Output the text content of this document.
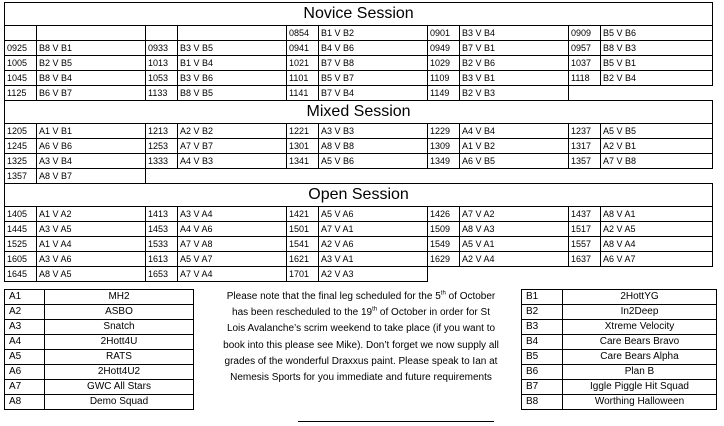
Novice Session									
				0854	B1 V B2	0901	B3 V B4	0909	B5 V B6
0925	B8 V B1	0933	B3 V B5	0941	B4 V B6	0949	B7 V B1	0957	B8 V B3
1005	B2 V B5	1013	B1 V B4	1021	B7 V B8	1029	B2 V B6	1037	B5 V B1
1045	B8 V B4	1053	B3 V B6	1101	B5 V B7	1109	B3 V B1	1118	B2 V B4
1125	B6 V B7	1133	B8 V B5	1141	B7 V B4	1149	B2 V B3		
Mixed Session									
1205	A1 V B1	1213	A2 V B2	1221	A3 V B3	1229	A4 V B4	1237	A5 V B5
1245	A6 V B6	1253	A7 V B7	1301	A8 V B8	1309	A1 V B2	1317	A2 V B1
1325	A3 V B4	1333	A4 V B3	1341	A5 V B6	1349	A6 V B5	1357	A7 V B8
1357	A8 V B7								
Open Session									
1405	A1 V A2	1413	A3 V A4	1421	A5 V A6	1426	A7 V A2	1437	A8 V A1
1445	A3 V A5	1453	A4 V A6	1501	A7 V A1	1509	A8 V A3	1517	A2 V A5
1525	A1 V A4	1533	A7 V A8	1541	A2 V A6	1549	A5 V A1	1557	A8 V A4
1605	A3 V A6	1613	A5 V A7	1621	A3 V A1	1629	A2 V A4	1637	A6 V A7
1645	A8 V A5	1653	A7 V A4	1701	A2 V A3				
A1	MH2
A2	ASBO
A3	Snatch
A4	2Hott4U
A5	RATS
A6	2Hott4U2
A7	GWC All Stars
A8	Demo Squad
Please note that the final leg scheduled for the 5th of October has been rescheduled to the 19th of October in order for St Lois Avalanche’s scrim weekend to take place (if you want to book into this please see Mike). Don’t forget we now supply all grades of the wonderful Draxxus paint. Please speak to Ian at Nemesis Sports for you immediate and future requirements
B1	2HottYG
B2	In2Deep
B3	Xtreme Velocity
B4	Care Bears Bravo
B5	Care Bears Alpha
B6	Plan B
B7	Iggle Piggle Hit Squad
B8	Worthing Halloween
